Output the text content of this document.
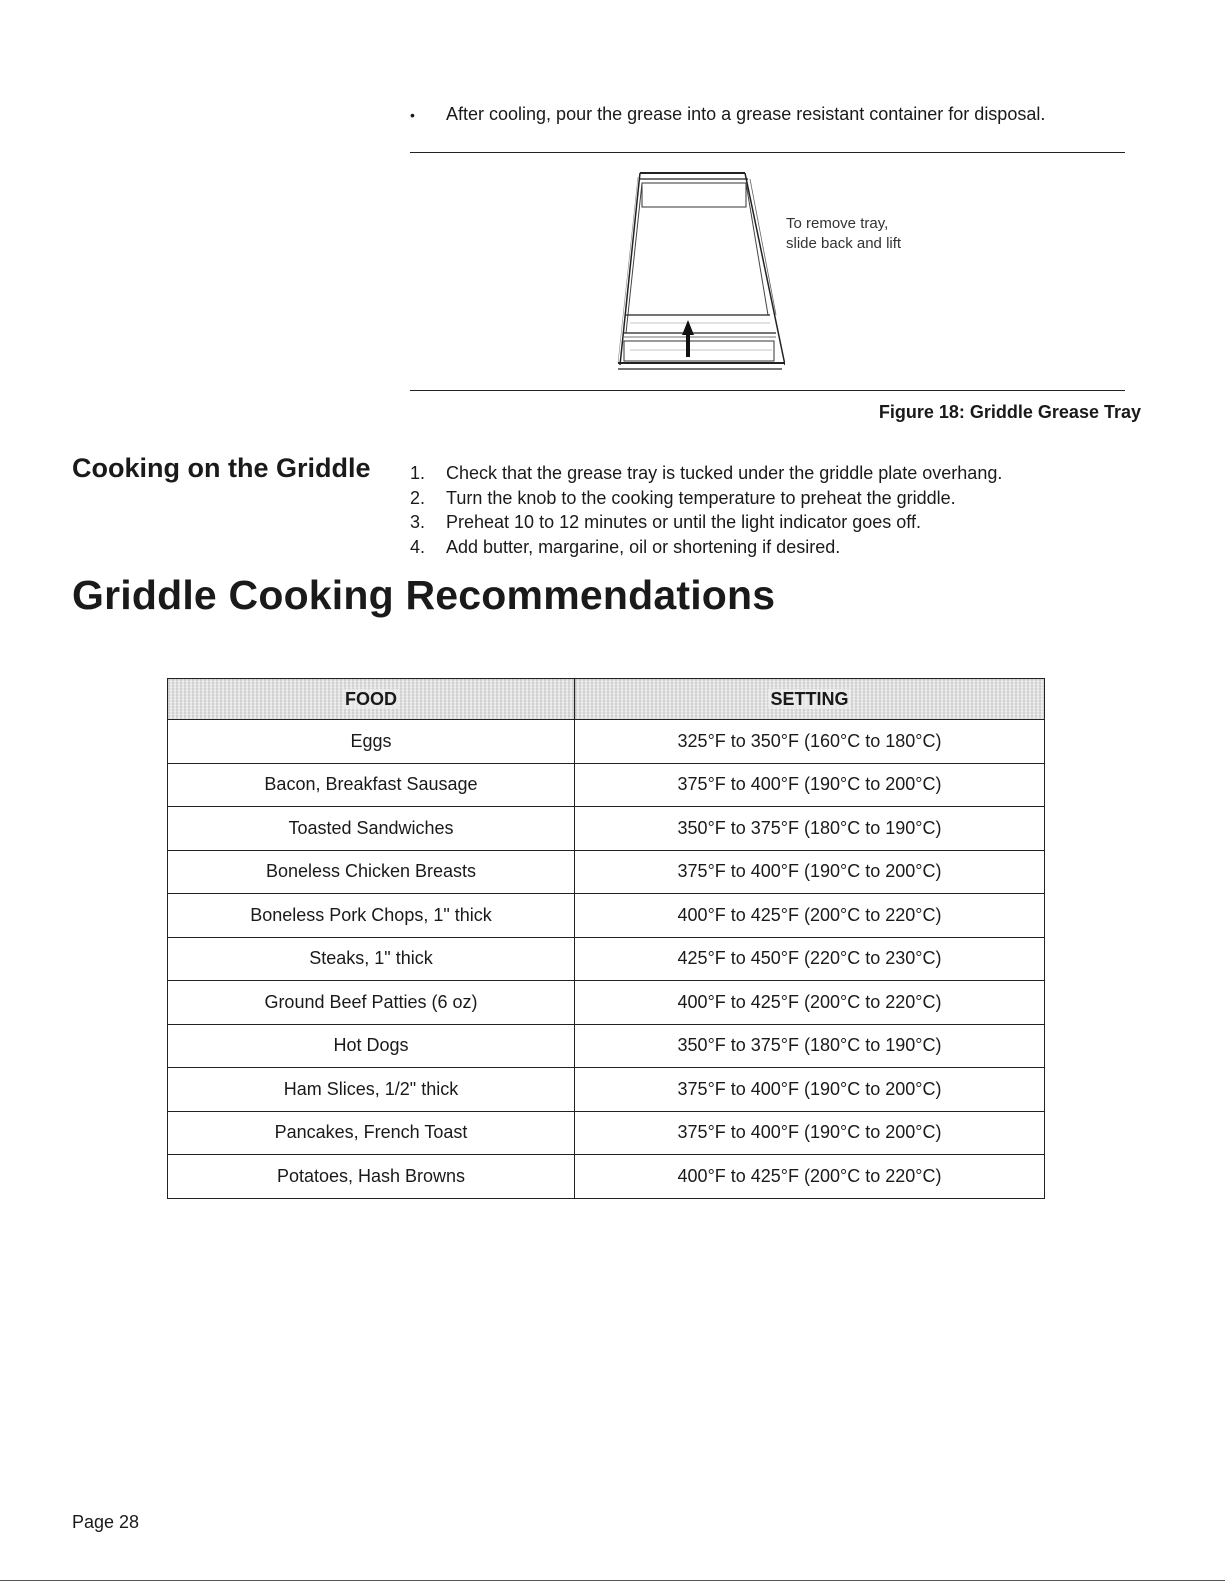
•	After cooling, pour the grease into a grease resistant container for disposal.
To remove tray,
slide back and lift
Figure 18: Griddle Grease Tray
Cooking on the Griddle 1.	Check that the grease tray is tucked under the griddle plate overhang.
2.	Turn the knob to the cooking temperature to preheat the griddle.
3.	Preheat 10 to 12 minutes or until the light indicator goes off.
4.	Add butter, margarine, oil or shortening if desired.
Griddle Cooking Recommendations
FOOD	SETTING
Eggs	325°F to 350°F (160°C to 180°C)
Bacon, Breakfast Sausage	375°F to 400°F (190°C to 200°C)
Toasted Sandwiches	350°F to 375°F (180°C to 190°C)
Boneless Chicken Breasts	375°F to 400°F (190°C to 200°C)
Boneless Pork Chops, 1" thick	400°F to 425°F (200°C to 220°C)
Steaks, 1" thick	425°F to 450°F (220°C to 230°C)
Ground Beef Patties (6 oz)	400°F to 425°F (200°C to 220°C)
Hot Dogs	350°F to 375°F (180°C to 190°C)
Ham Slices, 1/2" thick	375°F to 400°F (190°C to 200°C)
Pancakes, French Toast	375°F to 400°F (190°C to 200°C)
Potatoes, Hash Browns	400°F to 425°F (200°C to 220°C)
Page 28
